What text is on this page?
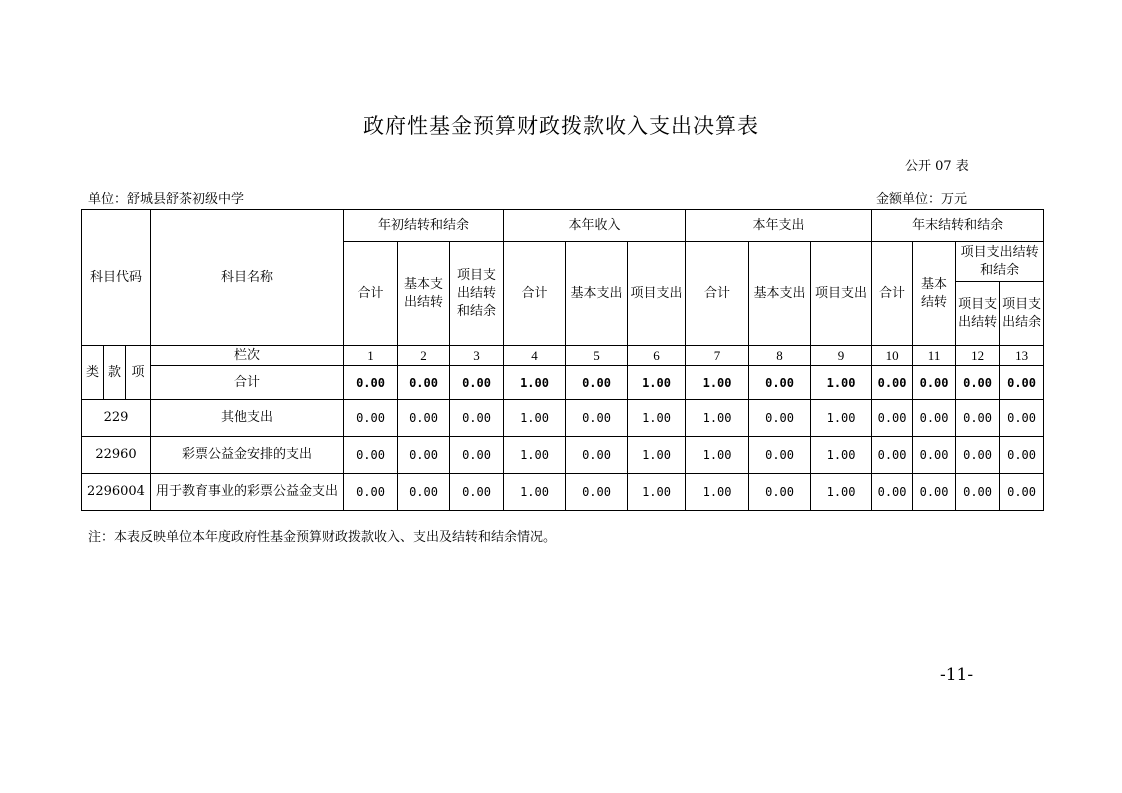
政府性基金预算财政拨款收入支出决算表
公开 07 表
单位：舒城县舒茶初级中学	金额单位：万元
科目代码			科目名称	年初结转和结余			本年收入			本年支出			年末结转和结余			
				合计	基本支出结转	项目支出结转和结余	合计	基本支出	项目支出	合计	基本支出	项目支出	合计	基本结转	项目支出结转和结余	
															项目支出结转	项目支出结余
类	款	项	栏次	1	2	3	4	5	6	7	8	9	10	11	12	13
			合计	0.00	0.00	0.00	1.00	0.00	1.00	1.00	0.00	1.00	0.00	0.00	0.00	0.00
229			其他支出	0.00	0.00	0.00	1.00	0.00	1.00	1.00	0.00	1.00	0.00	0.00	0.00	0.00
22960			彩票公益金安排的支出	0.00	0.00	0.00	1.00	0.00	1.00	1.00	0.00	1.00	0.00	0.00	0.00	0.00
2296004			用于教育事业的彩票公益金支出	0.00	0.00	0.00	1.00	0.00	1.00	1.00	0.00	1.00	0.00	0.00	0.00	0.00
注：本表反映单位本年度政府性基金预算财政拨款收入、支出及结转和结余情况。
-11-
